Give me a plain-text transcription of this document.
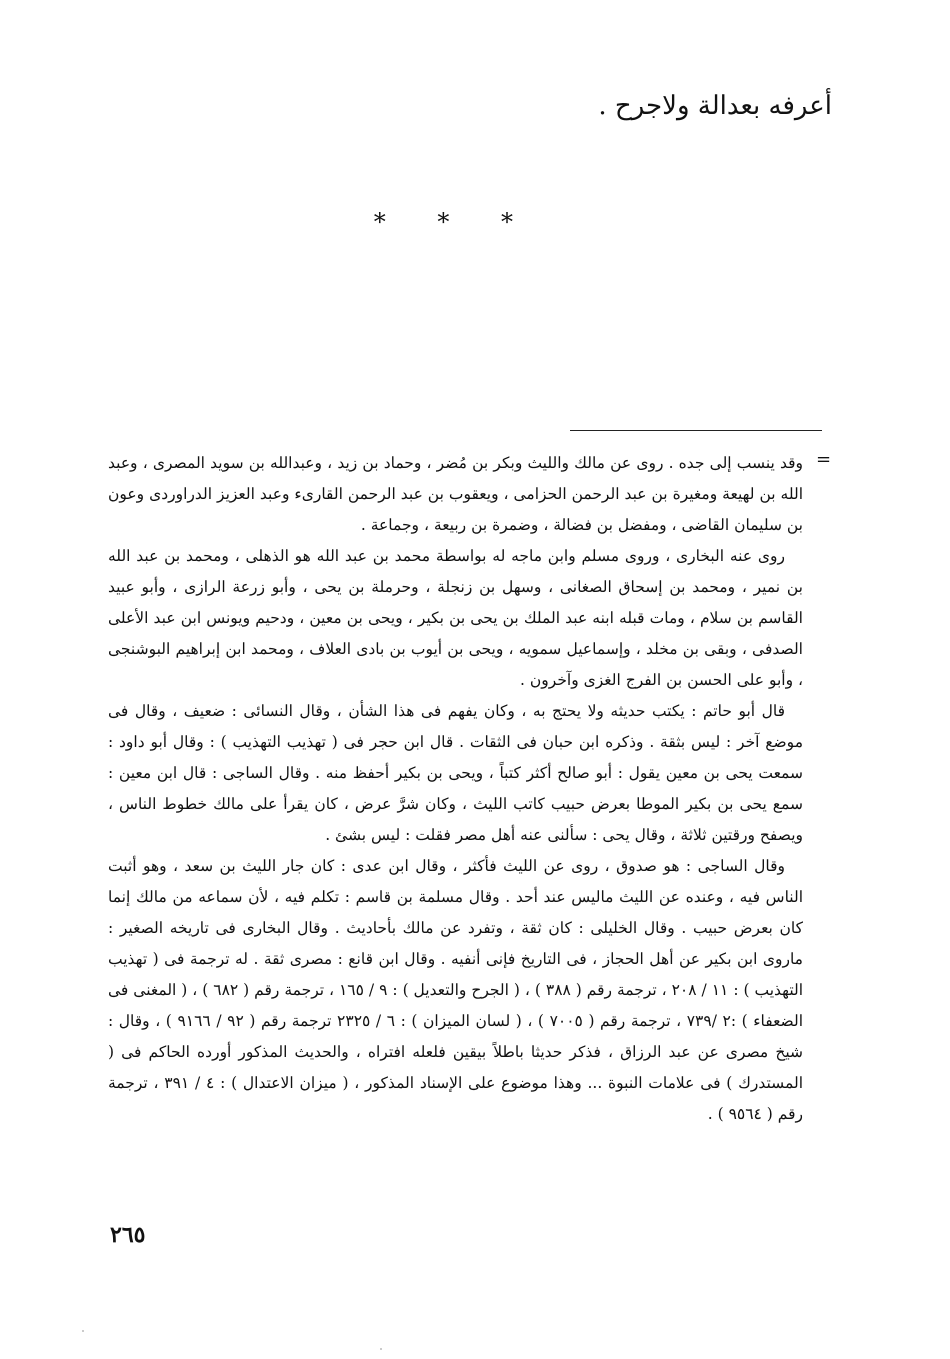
أعرفه بعدالة ولاجرح .
* * *
=

وقد ينسب إلى جده . روى عن مالك والليث وبكر بن مُضر ، وحماد بن زيد ، وعبدالله بن سويد المصرى ، وعبد الله بن لهيعة ومغيرة بن عبد الرحمن الحزامى ، ويعقوب بن عبد الرحمن القارىء وعبد العزيز الدراوردى وعون بن سليمان القاضى ، ومفضل بن فضالة ، وضمرة بن ربيعة ، وجماعة .

روى عنه البخارى ، وروى مسلم وابن ماجه له بواسطة محمد بن عبد الله هو الذهلى ، ومحمد بن عبد الله بن نمير ، ومحمد بن إسحاق الصغانى ، وسهل بن زنجلة ، وحرملة بن يحى ، وأبو زرعة الرازى ، وأبو عبيد القاسم بن سلام ، ومات قبله ابنه عبد الملك بن يحى بن بكير ، ويحى بن معين ، ودحيم ويونس ابن عبد الأعلى الصدفى ، وبقى بن مخلد ، وإسماعيل سمويه ، ويحى بن أيوب بن بادى العلاف ، ومحمد ابن إبراهيم البوشنجى ، وأبو على الحسن بن الفرج الغزى وآخرون .

قال أبو حاتم : يكتب حديثه ولا يحتج به ، وكان يفهم فى هذا الشأن ، وقال النسائى : ضعيف ، وقال فى موضع آخر : ليس بثقة . وذكره ابن حبان فى الثقات . قال ابن حجر فى ( تهذيب التهذيب ) : وقال أبو داود : سمعت يحى بن معين يقول : أبو صالح أكثر كتباً ، ويحى بن بكير أحفظ منه . وقال الساجى : قال ابن معين : سمع يحى بن بكير الموطا بعرض حبيب كاتب الليث ، وكان شرَّ عرض ، كان يقرأ على مالك خطوط الناس ، ويصفح ورقتين ثلاثة ، وقال يحى : سألنى عنه أهل مصر فقلت : ليس بشئ .

وقال الساجى : هو صدوق ، روى عن الليث فأكثر ، وقال ابن عدى : كان جار الليث بن سعد ، وهو أثبت الناس فيه ، وعنده عن الليث ماليس عند أحد . وقال مسلمة بن قاسم : تكلم فيه ، لأن سماعه من مالك إنما كان بعرض حبيب . وقال الخليلى : كان ثقة ، وتفرد عن مالك بأحاديث . وقال البخارى فى تاريخه الصغير : ماروى ابن بكير عن أهل الحجاز ، فى التاريخ فإنى أنفيه . وقال ابن قانع : مصرى ثقة . له ترجمة فى ( تهذيب التهذيب ) : ١١ / ٢٠٨ ، ترجمة رقم ( ٣٨٨ ) ، ( الجرح والتعديل ) : ٩ / ١٦٥ ، ترجمة رقم ( ٦٨٢ ) ، ( المغنى فى الضعفاء ) :٢ /٧٣٩ ، ترجمة رقم ( ٧٠٠٥ ) ، ( لسان الميزان ) : ٦ / ٢٣٢٥ ترجمة رقم ( ٩٢ / ٩١٦٦ ) ، وقال : شيخ مصرى عن عبد الرزاق ، فذكر حديثا باطلاً بيقين فلعله افتراه ، والحديث المذكور أورده الحاكم فى ( المستدرك ) فى علامات النبوة ... وهذا موضوع على الإسناد المذكور ، ( ميزان الاعتدال ) : ٤ / ٣٩١ ، ترجمة رقم ( ٩٥٦٤ ) .

٢٦٥
